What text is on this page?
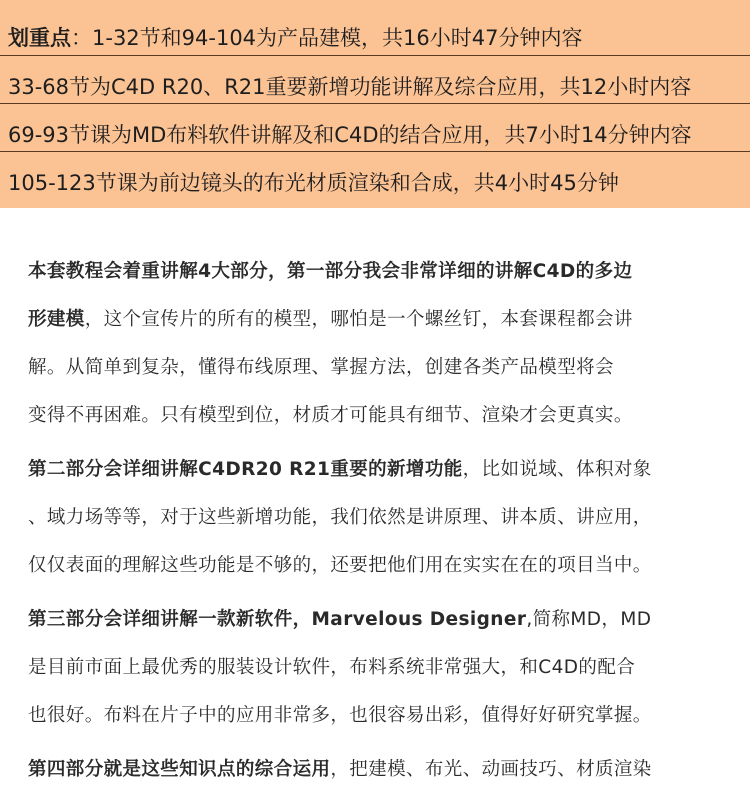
划重点：1-32节和94-104为产品建模，共16小时47分钟内容
33-68节为C4D R20、R21重要新增功能讲解及综合应用，共12小时内容
69-93节课为MD布料软件讲解及和C4D的结合应用，共7小时14分钟内容
105-123节课为前边镜头的布光材质渲染和合成，共4小时45分钟
本套教程会着重讲解4大部分，第一部分我会非常详细的讲解C4D的多边
形建模，这个宣传片的所有的模型，哪怕是一个螺丝钉，本套课程都会讲
解。从简单到复杂，懂得布线原理、掌握方法，创建各类产品模型将会
变得不再困难。只有模型到位，材质才可能具有细节、渲染才会更真实。
第二部分会详细讲解C4DR20 R21重要的新增功能，比如说域、体积对象
、域力场等等，对于这些新增功能，我们依然是讲原理、讲本质、讲应用，
仅仅表面的理解这些功能是不够的，还要把他们用在实实在在的项目当中。
第三部分会详细讲解一款新软件，Marvelous Designer,简称MD，MD
是目前市面上最优秀的服装设计软件，布料系统非常强大，和C4D的配合
也很好。布料在片子中的应用非常多，也很容易出彩，值得好好研究掌握。
第四部分就是这些知识点的综合运用，把建模、布光、动画技巧、材质渲染
